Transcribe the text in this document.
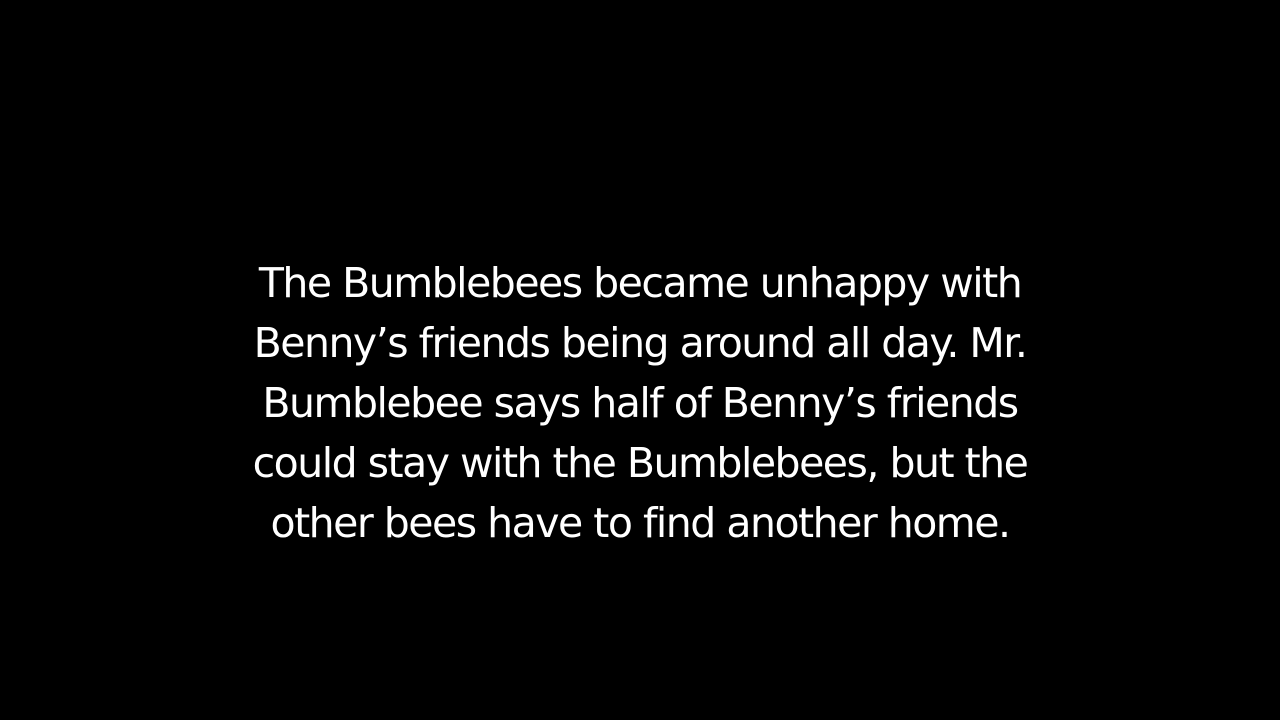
The Bumblebees became unhappy with
Benny’s friends being around all day. Mr.
Bumblebee says half of Benny’s friends
could stay with the Bumblebees, but the
other bees have to find another home.
